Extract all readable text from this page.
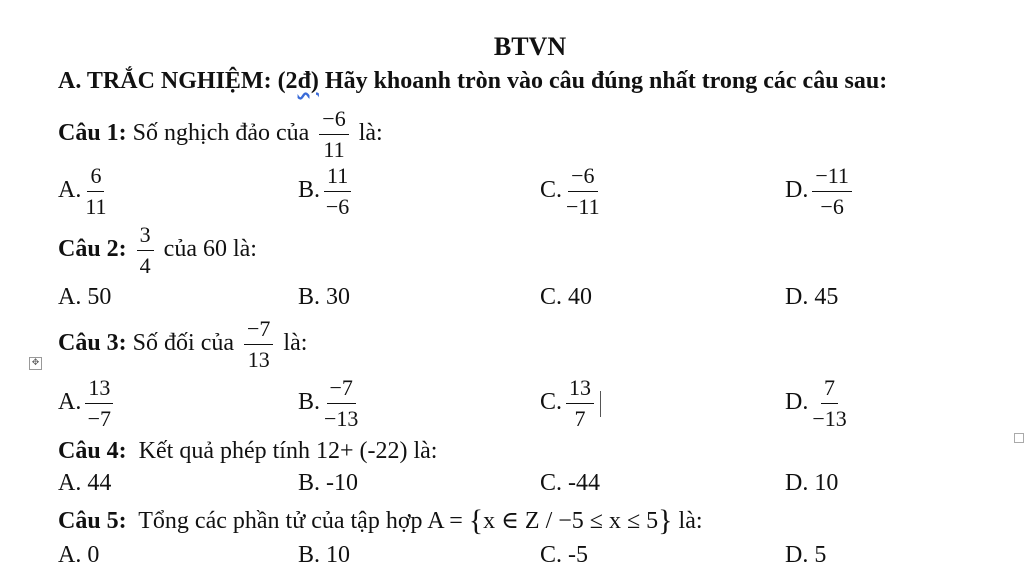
BTVN
A. TRẮC NGHIỆM: (2đ) Hãy khoanh tròn vào câu đúng nhất trong các câu sau:
Câu 1: Số nghịch đảo của $\frac{-6}{11}$ là:
A. $\frac{6}{11}$	B. $\frac{11}{-6}$	C. $\frac{-6}{-11}$	D. $\frac{-11}{-6}$
Câu 2: $\frac{3}{4}$ của 60 là:
A. 50	B. 30	C. 40	D. 45
✥
Câu 3: Số đối của $\frac{-7}{13}$ là:
A. $\frac{13}{-7}$	B. $\frac{-7}{-13}$	C. $\frac{13}{7}$	D. $\frac{7}{-13}$
Câu 4: Kết quả phép tính 12+ (-22) là:
A. 44	B. -10	C. -44	D. 10
Câu 5: Tổng các phần tử của tập hợp A = {x ∈ Z / −5 ≤ x ≤ 5} là:
A. 0	B. 10	C. -5	D. 5
